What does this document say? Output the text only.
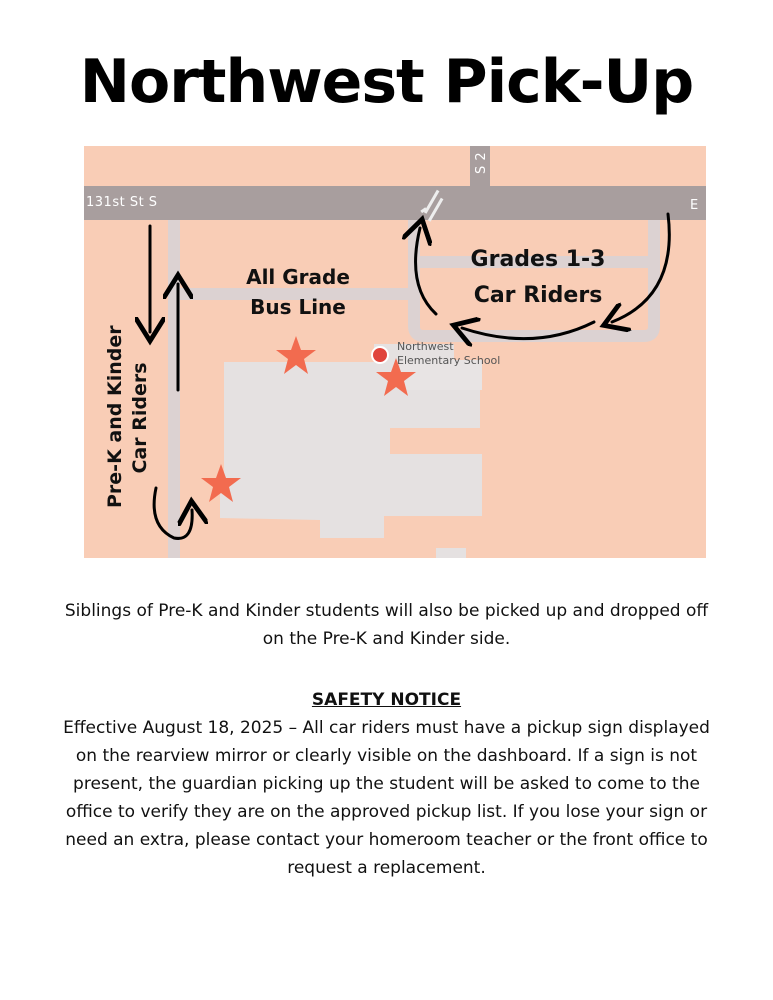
Northwest Pick-Up
131st St S
S 2
E
Northwest
Elementary School
All Grade
Bus Line
Grades 1-3
Car Riders
Pre-K and Kinder Car Riders

Siblings of Pre-K and Kinder students will also be picked up and dropped off on the Pre-K and Kinder side.

SAFETY NOTICE

Effective August 18, 2025 – All car riders must have a pickup sign displayed on the rearview mirror or clearly visible on the dashboard. If a sign is not present, the guardian picking up the student will be asked to come to the office to verify they are on the approved pickup list. If you lose your sign or need an extra, please contact your homeroom teacher or the front office to request a replacement.
